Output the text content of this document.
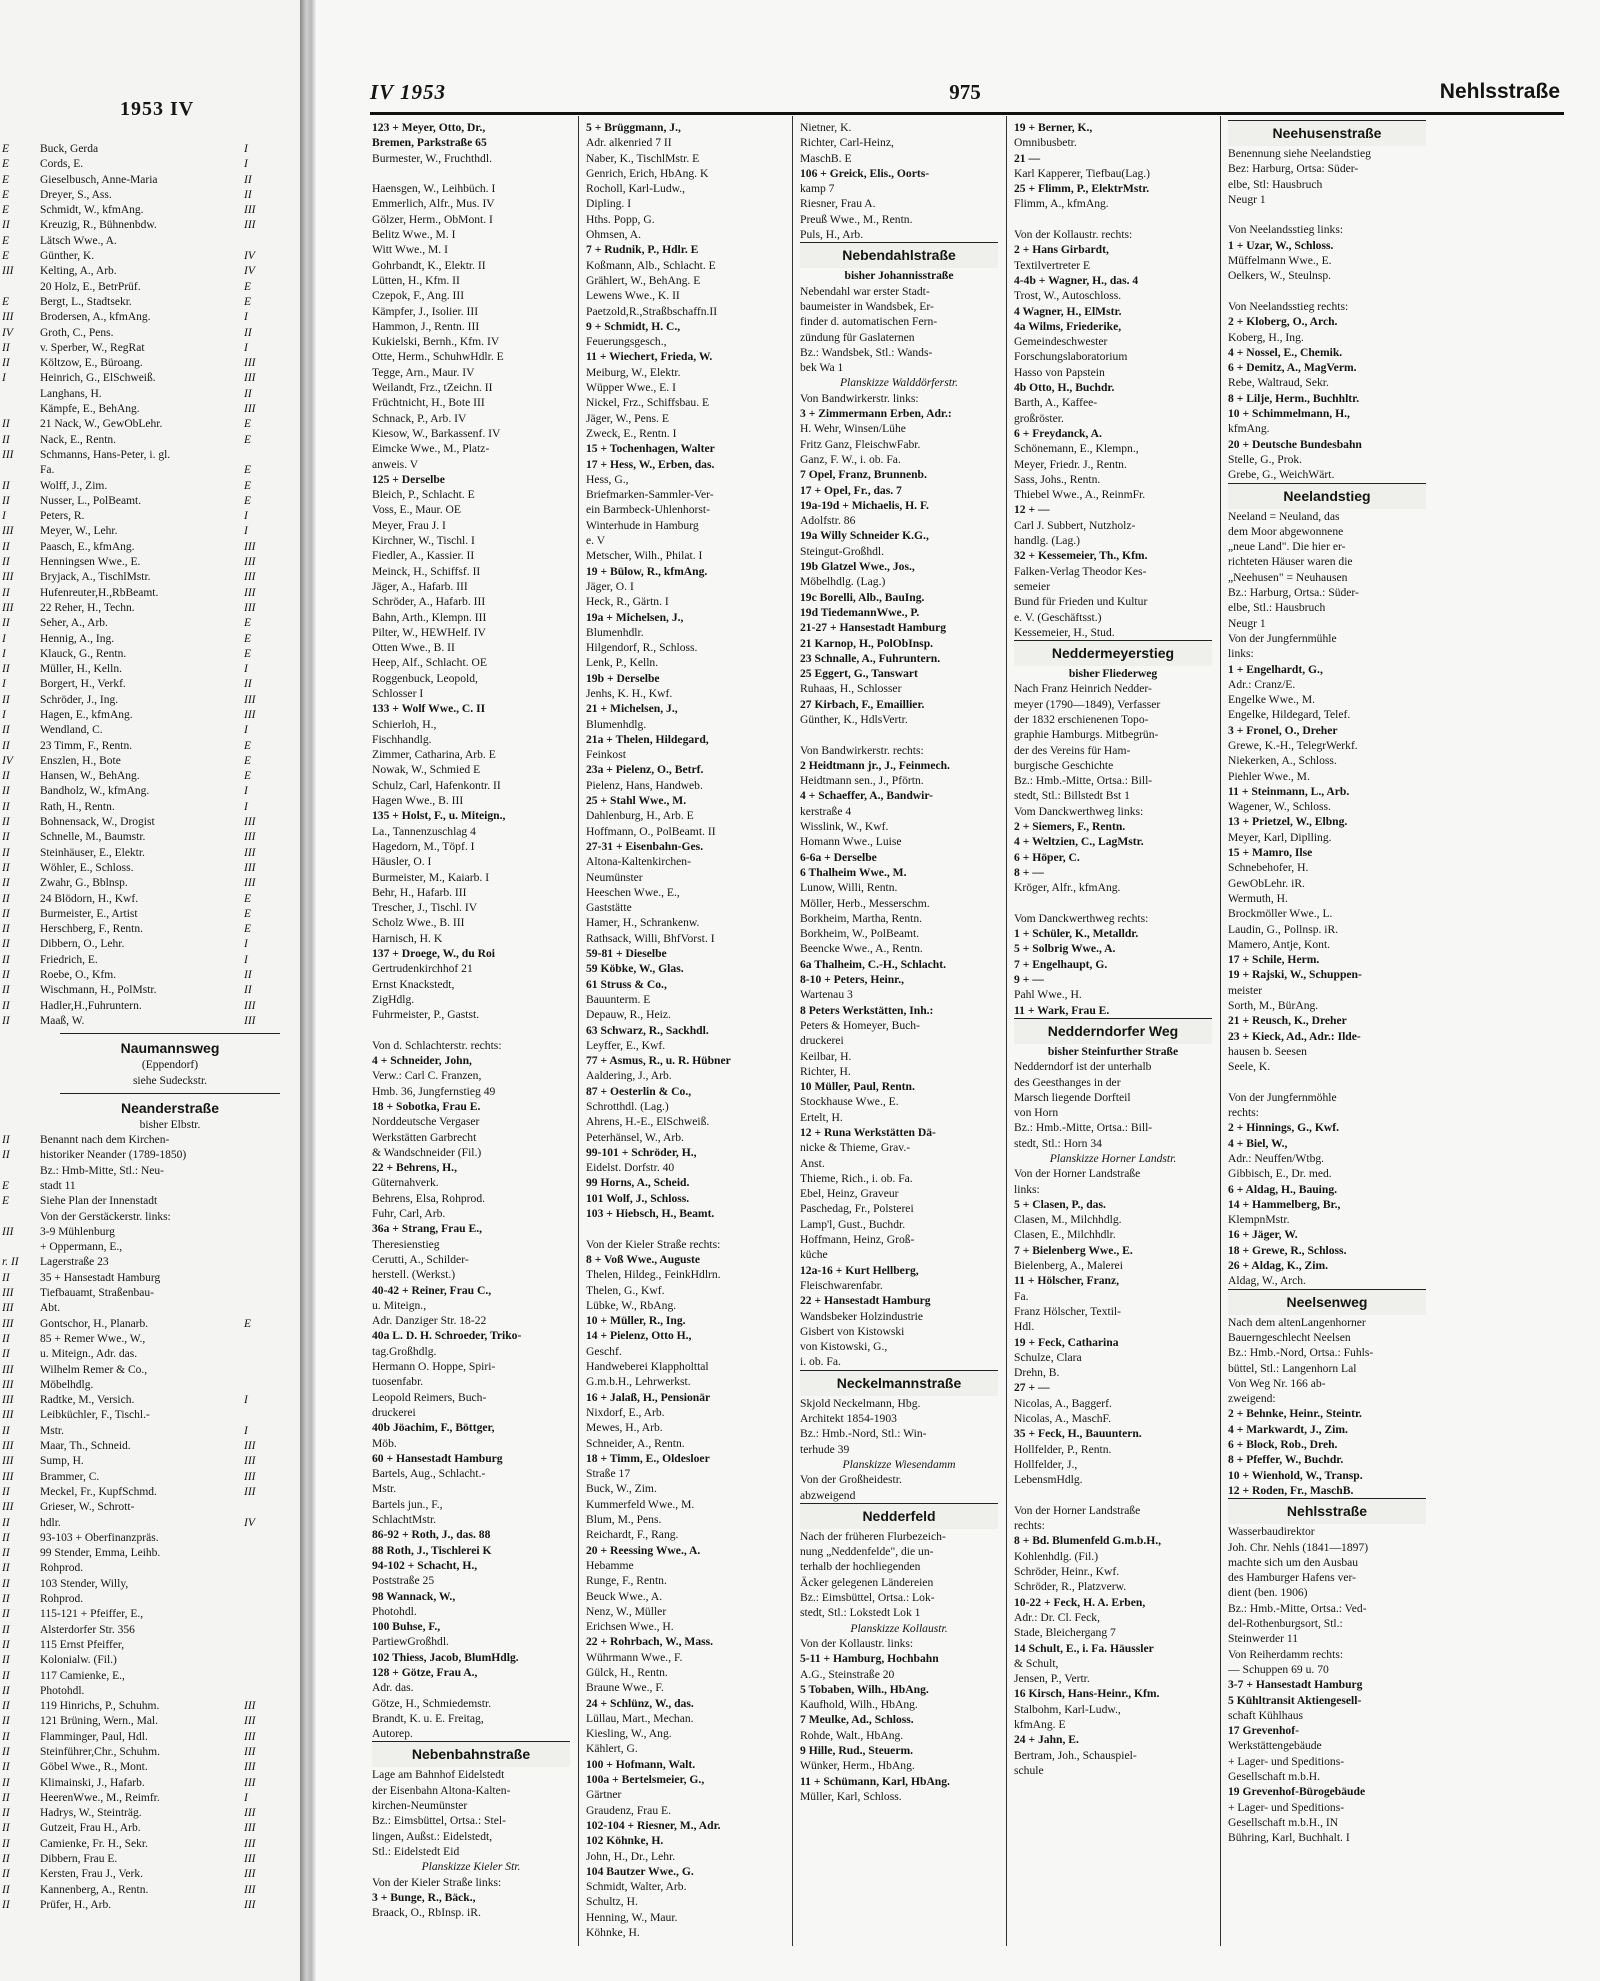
1953 IV
E	Buck, Gerda	I
E	Cords, E.	I
E	Gieselbusch, Anne-Maria	II
E	Dreyer, S., Ass.	II
E	Schmidt, W., kfmAng.	III
II	Kreuzig, R., Bühnenbdw.	III
E	Lätsch Wwe., A.
E	Günther, K.	IV
III	Kelting, A., Arb.	IV
20 Holz, E., BetrPrüf.	E
E	Bergt, L., Stadtsekr.	E
III	Brodersen, A., kfmAng.	I
IV	Groth, C., Pens.	II
II	v. Sperber, W., RegRat	I
II	Költzow, E., Büroang.	III
I	Heinrich, G., ElSchweiß.	III
Langhans, H.	II
Kämpfe, E., BehAng.	III
II	21 Nack, W., GewObLehr.	E
II	Nack, E., Rentn.	E
III	Schmanns, Hans-Peter, i. gl.
Fa.	E
II	Wolff, J., Zim.	E
II	Nusser, L., PolBeamt.	E
I	Peters, R.	I
III	Meyer, W., Lehr.	I
II	Paasch, E., kfmAng.	III
II	Henningsen Wwe., E.	III
III	Bryjack, A., TischlMstr.	III
II	Hufenreuter,H.,RbBeamt.	III
III	22 Reher, H., Techn.	III
II	Seher, A., Arb.	E
I	Hennig, A., Ing.	E
I	Klauck, G., Rentn.	E
II	Müller, H., Kelln.	I
I	Borgert, H., Verkf.	II
II	Schröder, J., Ing.	III
I	Hagen, E., kfmAng.	III
II	Wendland, C.	I
II	23 Timm, F., Rentn.	E
IV	Enszlen, H., Bote	E
II	Hansen, W., BehAng.	E
II	Bandholz, W., kfmAng.	I
II	Rath, H., Rentn.	I
II	Bohnensack, W., Drogist	III
II	Schnelle, M., Baumstr.	III
II	Steinhäuser, E., Elektr.	III
II	Wöhler, E., Schloss.	III
II	Zwahr, G., Bblnsp.	III
II	24 Blödorn, H., Kwf.	E
II	Burmeister, E., Artist	E
II	Herschberg, F., Rentn.	E
II	Dibbern, O., Lehr.	I
II	Friedrich, E.	I
II	Roebe, O., Kfm.	II
II	Wischmann, H., PolMstr.	II
II	Hadler,H.,Fuhruntern.	III
II	Maaß, W.	III
Naumannsweg
(Eppendorf)
siehe Sudeckstr.
Neanderstraße
bisher Elbstr.
II	Benannt nach dem Kirchen-
II	historiker Neander (1789-1850)
Bz.: Hmb-Mitte, Stl.: Neu-
E	stadt 11
E	Siehe Plan der Innenstadt
Von der Gerstäckerstr. links:
III	3-9 Mühlenburg
+ Oppermann, E.,
r. II	Lagerstraße 23
II	35 + Hansestadt Hamburg
III	Tiefbauamt, Straßenbau-
III	Abt.
III	Gontschor, H., Planarb.	E
II	85 + Remer Wwe., W.,
II	u. Miteign., Adr. das.
III	Wilhelm Remer & Co.,
III	Möbelhdlg.
III	Radtke, M., Versich.	I
III	Leibküchler, F., Tischl.-
II	Mstr.	I
III	Maar, Th., Schneid.	III
III	Sump, H.	III
III	Brammer, C.	III
II	Meckel, Fr., KupfSchmd.	III
III	Grieser, W., Schrott-
II	hdlr.	IV
II	93-103 + Oberfinanzpräs.
II	99 Stender, Emma, Leihb.
II	Rohprod.
II	103 Stender, Willy,
II	Rohprod.
II	115-121 + Pfeiffer, E.,
II	Alsterdorfer Str. 356
II	115 Ernst Pfeiffer,
II	Kolonialw. (Fil.)
II	117 Camienke, E.,
II	Photohdl.
II	119 Hinrichs, P., Schuhm.	III
II	121 Brüning, Wern., Mal.	III
II	Flamminger, Paul, Hdl.	III
II	Steinführer,Chr., Schuhm.	III
II	Göbel Wwe., R., Mont.	III
II	Klimainski, J., Hafarb.	III
II	HeerenWwe., M., Reimfr.	I
II	Hadrys, W., Steinträg.	III
II	Gutzeit, Frau H., Arb.	III
II	Camienke, Fr. H., Sekr.	III
II	Dibbern, Frau E.	III
II	Kersten, Frau J., Verk.	III
II	Kannenberg, A., Rentn.	III
II	Prüfer, H., Arb.	III
IV 1953	975	Nehlsstraße
123 + Meyer, Otto, Dr.,
Bremen, Parkstraße 65
Burmester, W., Fruchthdl.
Haensgen, W., Leihbüch. I
Emmerlich, Alfr., Mus. IV
Gölzer, Herm., ObMont. I
Belitz Wwe., M. I
Witt Wwe., M. I
Gohrbandt, K., Elektr. II
Lütten, H., Kfm. II
Czepok, F., Ang. III
Kämpfer, J., Isolier. III
Hammon, J., Rentn. III
Kukielski, Bernh., Kfm. IV
Otte, Herm., SchuhwHdlr. E
Tegge, Arn., Maur. IV
Weilandt, Frz., tZeichn. II
Früchtnicht, H., Bote III
Schnack, P., Arb. IV
Kiesow, W., Barkassenf. IV
Eimcke Wwe., M., Platz-
anweis. V
125 + Derselbe
Bleich, P., Schlacht. E
Voss, E., Maur. OE
Meyer, Frau J. I
Kirchner, W., Tischl. I
Fiedler, A., Kassier. II
Meinck, H., Schiffsf. II
Jäger, A., Hafarb. III
Schröder, A., Hafarb. III
Bahn, Arth., Klempn. III
Pilter, W., HEWHelf. IV
Otten Wwe., B. II
Heep, Alf., Schlacht. OE
Roggenbuck, Leopold,
Schlosser I
133 + Wolf Wwe., C. II
Schierloh, H.,
Fischhandlg.
Zimmer, Catharina, Arb. E
Nowak, W., Schmied E
Schulz, Carl, Hafenkontr. II
Hagen Wwe., B. III
135 + Holst, F., u. Miteign.,
La., Tannenzuschlag 4
Hagedorn, M., Töpf. I
Häusler, O. I
Burmeister, M., Kaiarb. I
Behr, H., Hafarb. III
Trescher, J., Tischl. IV
Scholz Wwe., B. III
Harnisch, H. K
137 + Droege, W., du Roi
Gertrudenkirchhof 21
Ernst Knackstedt,
ZigHdlg.
Fuhrmeister, P., Gastst.
Von d. Schlachterstr. rechts:
4 + Schneider, John,
Verw.: Carl C. Franzen,
Hmb. 36, Jungfernstieg 49
18 + Sobotka, Frau E.
Norddeutsche Vergaser
Werkstätten Garbrecht
& Wandschneider (Fil.)
22 + Behrens, H.,
Güternahverk.
Behrens, Elsa, Rohprod.
Fuhr, Carl, Arb.
36a + Strang, Frau E.,
Theresienstieg
Cerutti, A., Schilder-
herstell. (Werkst.)
40-42 + Reiner, Frau C.,
u. Miteign.,
Adr. Danziger Str. 18-22
40a L. D. H. Schroeder, Triko-
tag.Großhdlg.
Hermann O. Hoppe, Spiri-
tuosenfabr.
Leopold Reimers, Buch-
druckerei
40b Jöachim, F., Böttger,
Möb.
60 + Hansestadt Hamburg
Bartels, Aug., Schlacht.-
Mstr.
Bartels jun., F.,
SchlachtMstr.
86-92 + Roth, J., das. 88
88 Roth, J., Tischlerei K
94-102 + Schacht, H.,
Poststraße 25
98 Wannack, W.,
Photohdl.
100 Buhse, F.,
PartiewGroßhdl.
102 Thiess, Jacob, BlumHdlg.
128 + Götze, Frau A.,
Adr. das.
Götze, H., Schmiedemstr.
Brandt, K. u. E. Freitag,
Autorep.
Nebenbahnstraße
Lage am Bahnhof Eidelstedt
der Eisenbahn Altona-Kalten-
kirchen-Neumünster
Bz.: Eimsbüttel, Ortsa.: Stel-
lingen, Außst.: Eidelstedt,
Stl.: Eidelstedt Eid
Planskizze Kieler Str.
Von der Kieler Straße links:
3 + Bunge, R., Bäck.,
Braack, O., RbInsp. iR.
5 + Brüggmann, J.,
Adr. alkenried 7 II
Naber, K., TischlMstr. E
Genrich, Erich, HbAng. K
Rocholl, Karl-Ludw.,
Dipling. I
Hths. Popp, G.
Ohmsen, A.
7 + Rudnik, P., Hdlr. E
Koßmann, Alb., Schlacht. E
Grählert, W., BehAng. E
Lewens Wwe., K. II
Paetzold,R.,Straßbschaffn.II
9 + Schmidt, H. C.,
Feuerungsgesch.,
11 + Wiechert, Frieda, W.
Meiburg, W., Elektr.
Wüpper Wwe., E. I
Nickel, Frz., Schiffsbau. E
Jäger, W., Pens. E
Zweck, E., Rentn. I
15 + Tochenhagen, Walter
17 + Hess, W., Erben, das.
Hess, G.,
Briefmarken-Sammler-Ver-
ein Barmbeck-Uhlenhorst-
Winterhude in Hamburg
e. V
Metscher, Wilh., Philat. I
19 + Bülow, R., kfmAng.
Jäger, O. I
Heck, R., Gärtn. I
19a + Michelsen, J.,
Blumenhdlr.
Hilgendorf, R., Schloss.
Lenk, P., Kelln.
19b + Derselbe
Jenhs, K. H., Kwf.
21 + Michelsen, J.,
Blumenhdlg.
21a + Thelen, Hildegard,
Feinkost
23a + Pielenz, O., Betrf.
Pielenz, Hans, Handweb.
25 + Stahl Wwe., M.
Dahlenburg, H., Arb. E
Hoffmann, O., PolBeamt. II
27-31 + Eisenbahn-Ges.
Altona-Kaltenkirchen-
Neumünster
Heeschen Wwe., E.,
Gaststätte
Hamer, H., Schrankenw.
Rathsack, Willi, BhfVorst. I
59-81 + Dieselbe
59 Köbke, W., Glas.
61 Struss & Co.,
Bauunterm. E
Depauw, R., Heiz.
63 Schwarz, R., Sackhdl.
Leyffer, E., Kwf.
77 + Asmus, R., u. R. Hübner
Aaldering, J., Arb.
87 + Oesterlin & Co.,
Schrotthdl. (Lag.)
Ahrens, H.-E., ElSchweiß.
Peterhänsel, W., Arb.
99-101 + Schröder, H.,
Eidelst. Dorfstr. 40
99 Horns, A., Scheid.
101 Wolf, J., Schloss.
103 + Hiebsch, H., Beamt.
Von der Kieler Straße rechts:
8 + Voß Wwe., Auguste
Thelen, Hildeg., FeinkHdlrn.
Thelen, G., Kwf.
Lübke, W., RbAng.
10 + Müller, R., Ing.
14 + Pielenz, Otto H.,
Geschf.
Handweberei Klappholttal
G.m.b.H., Lehrwerkst.
16 + Jalaß, H., Pensionär
Nixdorf, E., Arb.
Mewes, H., Arb.
Schneider, A., Rentn.
18 + Timm, E., Oldesloer
Straße 17
Buck, W., Zim.
Kummerfeld Wwe., M.
Blum, M., Pens.
Reichardt, F., Rang.
20 + Reessing Wwe., A.
Hebamme
Runge, F., Rentn.
Beuck Wwe., A.
Nenz, W., Müller
Erichsen Wwe., H.
22 + Rohrbach, W., Mass.
Wührmann Wwe., F.
Gülck, H., Rentn.
Braune Wwe., F.
24 + Schlünz, W., das.
Lüllau, Mart., Mechan.
Kiesling, W., Ang.
Kählert, G.
100 + Hofmann, Walt.
100a + Bertelsmeier, G.,
Gärtner
Graudenz, Frau E.
102-104 + Riesner, M., Adr.
102 Köhnke, H.
John, H., Dr., Lehr.
104 Bautzer Wwe., G.
Schmidt, Walter, Arb.
Schultz, H.
Henning, W., Maur.
Köhnke, H.
Nietner, K.
Richter, Carl-Heinz,
MaschB. E
106 + Greick, Elis., Oorts-
kamp 7
Riesner, Frau A.
Preuß Wwe., M., Rentn.
Puls, H., Arb.
Nebendahlstraße
bisher Johannisstraße
Nebendahl war erster Stadt-
baumeister in Wandsbek, Er-
finder d. automatischen Fern-
zündung für Gaslaternen
Bz.: Wandsbek, Stl.: Wands-
bek Wa 1
Planskizze Walddörferstr.
Von Bandwirkerstr. links:
3 + Zimmermann Erben, Adr.:
H. Wehr, Winsen/Lühe
Fritz Ganz, FleischwFabr.
Ganz, F. W., i. ob. Fa.
7 Opel, Franz, Brunnenb.
17 + Opel, Fr., das. 7
19a-19d + Michaelis, H. F.
Adolfstr. 86
19a Willy Schneider K.G.,
Steingut-Großhdl.
19b Glatzel Wwe., Jos.,
Möbelhdlg. (Lag.)
19c Borelli, Alb., BauIng.
19d TiedemannWwe., P.
21-27 + Hansestadt Hamburg
21 Karnop, H., PolObInsp.
23 Schnalle, A., Fuhruntern.
25 Eggert, G., Tanswart
Ruhaas, H., Schlosser
27 Kirbach, F., Emaillier.
Günther, K., HdlsVertr.
Von Bandwirkerstr. rechts:
2 Heidtmann jr., J., Feinmech.
Heidtmann sen., J., Pförtn.
4 + Schaeffer, A., Bandwir-
kerstraße 4
Wisslink, W., Kwf.
Homann Wwe., Luise
6-6a + Derselbe
6 Thalheim Wwe., M.
Lunow, Willi, Rentn.
Möller, Herb., Messerschm.
Borkheim, Martha, Rentn.
Borkheim, W., PolBeamt.
Beencke Wwe., A., Rentn.
6a Thalheim, C.-H., Schlacht.
8-10 + Peters, Heinr.,
Wartenau 3
8 Peters Werkstätten, Inh.:
Peters & Homeyer, Buch-
druckerei
Keilbar, H.
Richter, H.
10 Müller, Paul, Rentn.
Stockhause Wwe., E.
Ertelt, H.
12 + Runa Werkstätten Dä-
nicke & Thieme, Grav.-
Anst.
Thieme, Rich., i. ob. Fa.
Ebel, Heinz, Graveur
Paschedag, Fr., Polsterei
Lamp'l, Gust., Buchdr.
Hoffmann, Heinz, Groß-
küche
12a-16 + Kurt Hellberg,
Fleischwarenfabr.
22 + Hansestadt Hamburg
Wandsbeker Holzindustrie
Gisbert von Kistowski
von Kistowski, G.,
i. ob. Fa.
Neckelmannstraße
Skjold Neckelmann, Hbg.
Architekt 1854-1903
Bz.: Hmb.-Nord, Stl.: Win-
terhude 39
Planskizze Wiesendamm
Von der Großheidestr.
abzweigend
Nedderfeld
Nach der früheren Flurbezeich-
nung „Neddenfelde", die un-
terhalb der hochliegenden
Äcker gelegenen Ländereien
Bz.: Eimsbüttel, Ortsa.: Lok-
stedt, Stl.: Lokstedt Lok 1
Planskizze Kollaustr.
Von der Kollaustr. links:
5-11 + Hamburg, Hochbahn
A.G., Steinstraße 20
5 Tobaben, Wilh., HbAng.
Kaufhold, Wilh., HbAng.
7 Meulke, Ad., Schloss.
Rohde, Walt., HbAng.
9 Hille, Rud., Steuerm.
Wünker, Herm., HbAng.
11 + Schümann, Karl, HbAng.
Müller, Karl, Schloss.
19 + Berner, K.,
Omnibusbetr.
21 —
Karl Kapperer, Tiefbau(Lag.)
25 + Flimm, P., ElektrMstr.
Flimm, A., kfmAng.
Von der Kollaustr. rechts:
2 + Hans Girbardt,
Textilvertreter E
4-4b + Wagner, H., das. 4
Trost, W., Autoschloss.
4 Wagner, H., ElMstr.
4a Wilms, Friederike,
Gemeindeschwester
Forschungslaboratorium
Hasso von Papstein
4b Otto, H., Buchdr.
Barth, A., Kaffee-
großröster.
6 + Freydanck, A.
Schönemann, E., Klempn.,
Meyer, Friedr. J., Rentn.
Sass, Johs., Rentn.
Thiebel Wwe., A., ReinmFr.
12 + —
Carl J. Subbert, Nutzholz-
handlg. (Lag.)
32 + Kessemeier, Th., Kfm.
Falken-Verlag Theodor Kes-
semeier
Bund für Frieden und Kultur
e. V. (Geschäftsst.)
Kessemeier, H., Stud.
Neddermeyerstieg
bisher Fliederweg
Nach Franz Heinrich Nedder-
meyer (1790—1849), Verfasser
der 1832 erschienenen Topo-
graphie Hamburgs. Mitbegrün-
der des Vereins für Ham-
burgische Geschichte
Bz.: Hmb.-Mitte, Ortsa.: Bill-
stedt, Stl.: Billstedt Bst 1
Vom Danckwerthweg links:
2 + Siemers, F., Rentn.
4 + Weltzien, C., LagMstr.
6 + Höper, C.
8 + —
Kröger, Alfr., kfmAng.
Vom Danckwerthweg rechts:
1 + Schüler, K., Metalldr.
5 + Solbrig Wwe., A.
7 + Engelhaupt, G.
9 + —
Pahl Wwe., H.
11 + Wark, Frau E.
Nedderndorfer Weg
bisher Steinfurther Straße
Nedderndorf ist der unterhalb
des Geesthanges in der
Marsch liegende Dorfteil
von Horn
Bz.: Hmb.-Mitte, Ortsa.: Bill-
stedt, Stl.: Horn 34
Planskizze Horner Landstr.
Von der Horner Landstraße
links:
5 + Clasen, P., das.
Clasen, M., Milchhdlg.
Clasen, E., Milchhdlr.
7 + Bielenberg Wwe., E.
Bielenberg, A., Malerei
11 + Hölscher, Franz,
Fa.
Franz Hölscher, Textil-
Hdl.
19 + Feck, Catharina
Schulze, Clara
Drehn, B.
27 + —
Nicolas, A., Baggerf.
Nicolas, A., MaschF.
35 + Feck, H., Bauuntern.
Hollfelder, P., Rentn.
Hollfelder, J.,
LebensmHdlg.
Von der Horner Landstraße
rechts:
8 + Bd. Blumenfeld G.m.b.H.,
Kohlenhdlg. (Fil.)
Schröder, Heinr., Kwf.
Schröder, R., Platzverw.
10-22 + Feck, H. A. Erben,
Adr.: Dr. Cl. Feck,
Stade, Bleichergang 7
14 Schult, E., i. Fa. Häussler
& Schult,
Jensen, P., Vertr.
16 Kirsch, Hans-Heinr., Kfm.
Stalbohm, Karl-Ludw.,
kfmAng. E
24 + Jahn, E.
Bertram, Joh., Schauspiel-
schule
Neehusenstraße
Benennung siehe Neelandstieg
Bez: Harburg, Ortsa: Süder-
elbe, Stl: Hausbruch
Neugr 1
Von Neelandsstieg links:
1 + Uzar, W., Schloss.
Müffelmann Wwe., E.
Oelkers, W., Steulnsp.
Von Neelandsstieg rechts:
2 + Kloberg, O., Arch.
Koberg, H., Ing.
4 + Nossel, E., Chemik.
6 + Demitz, A., MagVerm.
Rebe, Waltraud, Sekr.
8 + Lilje, Herm., Buchhltr.
10 + Schimmelmann, H.,
kfmAng.
20 + Deutsche Bundesbahn
Stelle, G., Prok.
Grebe, G., WeichWärt.
Neelandstieg
Neeland = Neuland, das
dem Moor abgewonnene
„neue Land". Die hier er-
richteten Häuser waren die
„Neehusen" = Neuhausen
Bz.: Harburg, Ortsa.: Süder-
elbe, Stl.: Hausbruch
Neugr 1
Von der Jungfernmühle
links:
1 + Engelhardt, G.,
Adr.: Cranz/E.
Engelke Wwe., M.
Engelke, Hildegard, Telef.
3 + Fronel, O., Dreher
Grewe, K.-H., TelegrWerkf.
Niekerken, A., Schloss.
Piehler Wwe., M.
11 + Steinmann, L., Arb.
Wagener, W., Schloss.
13 + Prietzel, W., Elbng.
Meyer, Karl, Diplling.
15 + Mamro, Ilse
Schnebehofer, H.
GewObLehr. iR.
Wermuth, H.
Brockmöller Wwe., L.
Laudin, G., Pollnsp. iR.
Mamero, Antje, Kont.
17 + Schile, Herm.
19 + Rajski, W., Schuppen-
meister
Sorth, M., BürAng.
21 + Reusch, K., Dreher
23 + Kieck, Ad., Adr.: Ilde-
hausen b. Seesen
Seele, K.
Von der Jungfernmöhle
rechts:
2 + Hinnings, G., Kwf.
4 + Biel, W.,
Adr.: Neuffen/Wtbg.
Gibbisch, E., Dr. med.
6 + Aldag, H., Bauing.
14 + Hammelberg, Br.,
KlempnMstr.
16 + Jäger, W.
18 + Grewe, R., Schloss.
26 + Aldag, K., Zim.
Aldag, W., Arch.
Neelsenweg
Nach dem altenLangenhorner
Bauerngeschlecht Neelsen
Bz.: Hmb.-Nord, Ortsa.: Fuhls-
büttel, Stl.: Langenhorn Lal
Von Weg Nr. 166 ab-
zweigend:
2 + Behnke, Heinr., Steintr.
4 + Markwardt, J., Zim.
6 + Block, Rob., Dreh.
8 + Pfeffer, W., Buchdr.
10 + Wienhold, W., Transp.
12 + Roden, Fr., MaschB.
Nehlsstraße
Wasserbaudirektor
Joh. Chr. Nehls (1841—1897)
machte sich um den Ausbau
des Hamburger Hafens ver-
dient (ben. 1906)
Bz.: Hmb.-Mitte, Ortsa.: Ved-
del-Rothenburgsort, Stl.:
Steinwerder 11
Von Reiherdamm rechts:
— Schuppen 69 u. 70
3-7 + Hansestadt Hamburg
5 Kühltransit Aktiengesell-
schaft Kühlhaus
17 Grevenhof-
Werkstättengebäude
+ Lager- und Speditions-
Gesellschaft m.b.H.
19 Grevenhof-Bürogebäude
+ Lager- und Speditions-
Gesellschaft m.b.H., IN
Bühring, Karl, Buchhalt. I
